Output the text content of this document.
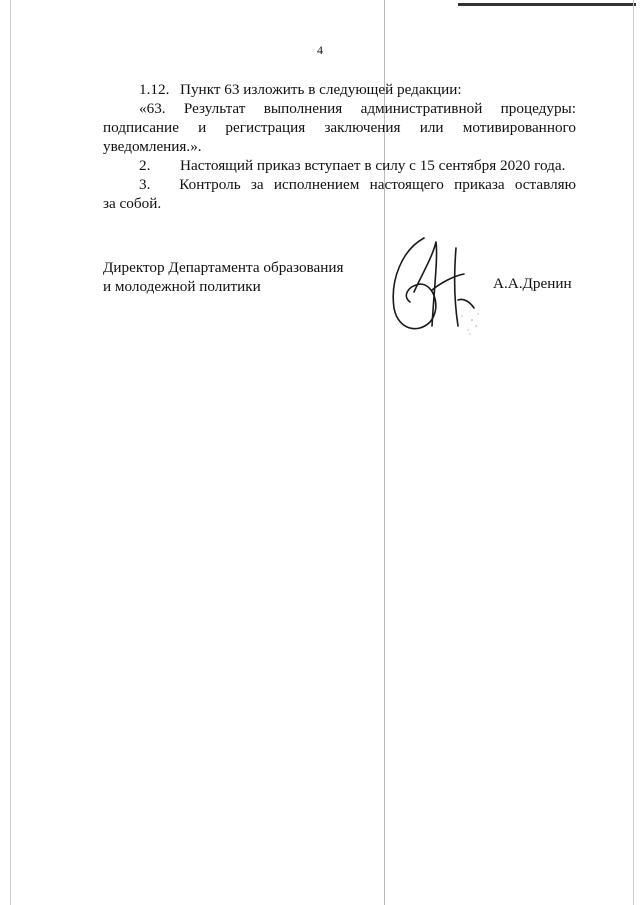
4

1.12. Пункт 63 изложить в следующей редакции:

«63. Результат выполнения административной процедуры:
подписание и регистрация заключения или мотивированного

уведомления.».

2. Настоящий приказ вступает в силу с 15 сентября 2020 года.

3.	Контроль за исполнением настоящего приказа оставляю

за собой.

Директор Департамента образования
и молодежной политики	А.А.Дренин
